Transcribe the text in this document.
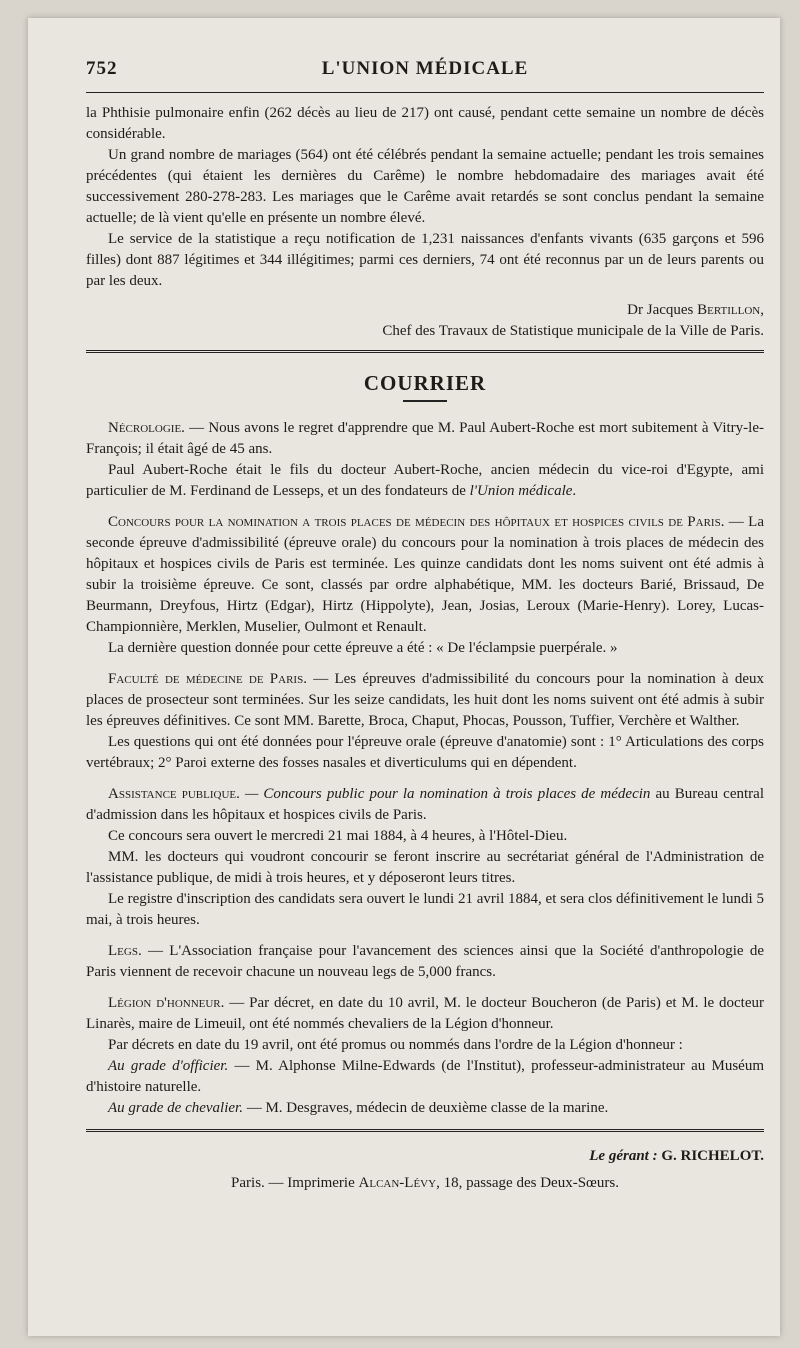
752	L'UNION MÉDICALE

la Phthisie pulmonaire enfin (262 décès au lieu de 217) ont causé, pendant cette semaine un nombre de décès considérable.

Un grand nombre de mariages (564) ont été célébrés pendant la semaine actuelle; pendant les trois semaines précédentes (qui étaient les dernières du Carême) le nombre hebdomadaire des mariages avait été successivement 280-278-283. Les mariages que le Carême avait retardés se sont conclus pendant la semaine actuelle; de là vient qu'elle en présente un nombre élevé.

Le service de la statistique a reçu notification de 1,231 naissances d'enfants vivants (635 garçons et 596 filles) dont 887 légitimes et 344 illégitimes; parmi ces derniers, 74 ont été reconnus par un de leurs parents ou par les deux.

Dr Jacques Bertillon,
Chef des Travaux de Statistique municipale de la Ville de Paris.
COURRIER

Nécrologie. — Nous avons le regret d'apprendre que M. Paul Aubert-Roche est mort subitement à Vitry-le-François; il était âgé de 45 ans.

Paul Aubert-Roche était le fils du docteur Aubert-Roche, ancien médecin du vice-roi d'Egypte, ami particulier de M. Ferdinand de Lesseps, et un des fondateurs de l'Union médicale.

Concours pour la nomination a trois places de médecin des hôpitaux et hospices civils de Paris. — La seconde épreuve d'admissibilité (épreuve orale) du concours pour la nomination à trois places de médecin des hôpitaux et hospices civils de Paris est terminée. Les quinze candidats dont les noms suivent ont été admis à subir la troisième épreuve. Ce sont, classés par ordre alphabétique, MM. les docteurs Barié, Brissaud, De Beurmann, Dreyfous, Hirtz (Edgar), Hirtz (Hippolyte), Jean, Josias, Leroux (Marie-Henry). Lorey, Lucas-Championnière, Merklen, Muselier, Oulmont et Renault.

La dernière question donnée pour cette épreuve a été : « De l'éclampsie puerpérale. »

Faculté de médecine de Paris. — Les épreuves d'admissibilité du concours pour la nomination à deux places de prosecteur sont terminées. Sur les seize candidats, les huit dont les noms suivent ont été admis à subir les épreuves définitives. Ce sont MM. Barette, Broca, Chaput, Phocas, Pousson, Tuffier, Verchère et Walther.

Les questions qui ont été données pour l'épreuve orale (épreuve d'anatomie) sont : 1° Articulations des corps vertébraux; 2° Paroi externe des fosses nasales et diverticulums qui en dépendent.

Assistance publique. — Concours public pour la nomination à trois places de médecin au Bureau central d'admission dans les hôpitaux et hospices civils de Paris.

Ce concours sera ouvert le mercredi 21 mai 1884, à 4 heures, à l'Hôtel-Dieu.

MM. les docteurs qui voudront concourir se feront inscrire au secrétariat général de l'Administration de l'assistance publique, de midi à trois heures, et y déposeront leurs titres.

Le registre d'inscription des candidats sera ouvert le lundi 21 avril 1884, et sera clos définitivement le lundi 5 mai, à trois heures.

Legs. — L'Association française pour l'avancement des sciences ainsi que la Société d'anthropologie de Paris viennent de recevoir chacune un nouveau legs de 5,000 francs.

Légion d'honneur. — Par décret, en date du 10 avril, M. le docteur Boucheron (de Paris) et M. le docteur Linarès, maire de Limeuil, ont été nommés chevaliers de la Légion d'honneur.

Par décrets en date du 19 avril, ont été promus ou nommés dans l'ordre de la Légion d'honneur :

Au grade d'officier. — M. Alphonse Milne-Edwards (de l'Institut), professeur-administrateur au Muséum d'histoire naturelle.

Au grade de chevalier. — M. Desgraves, médecin de deuxième classe de la marine.

Le gérant : G. RICHELOT.
Paris. — Imprimerie Alcan-Lévy, 18, passage des Deux-Sœurs.
